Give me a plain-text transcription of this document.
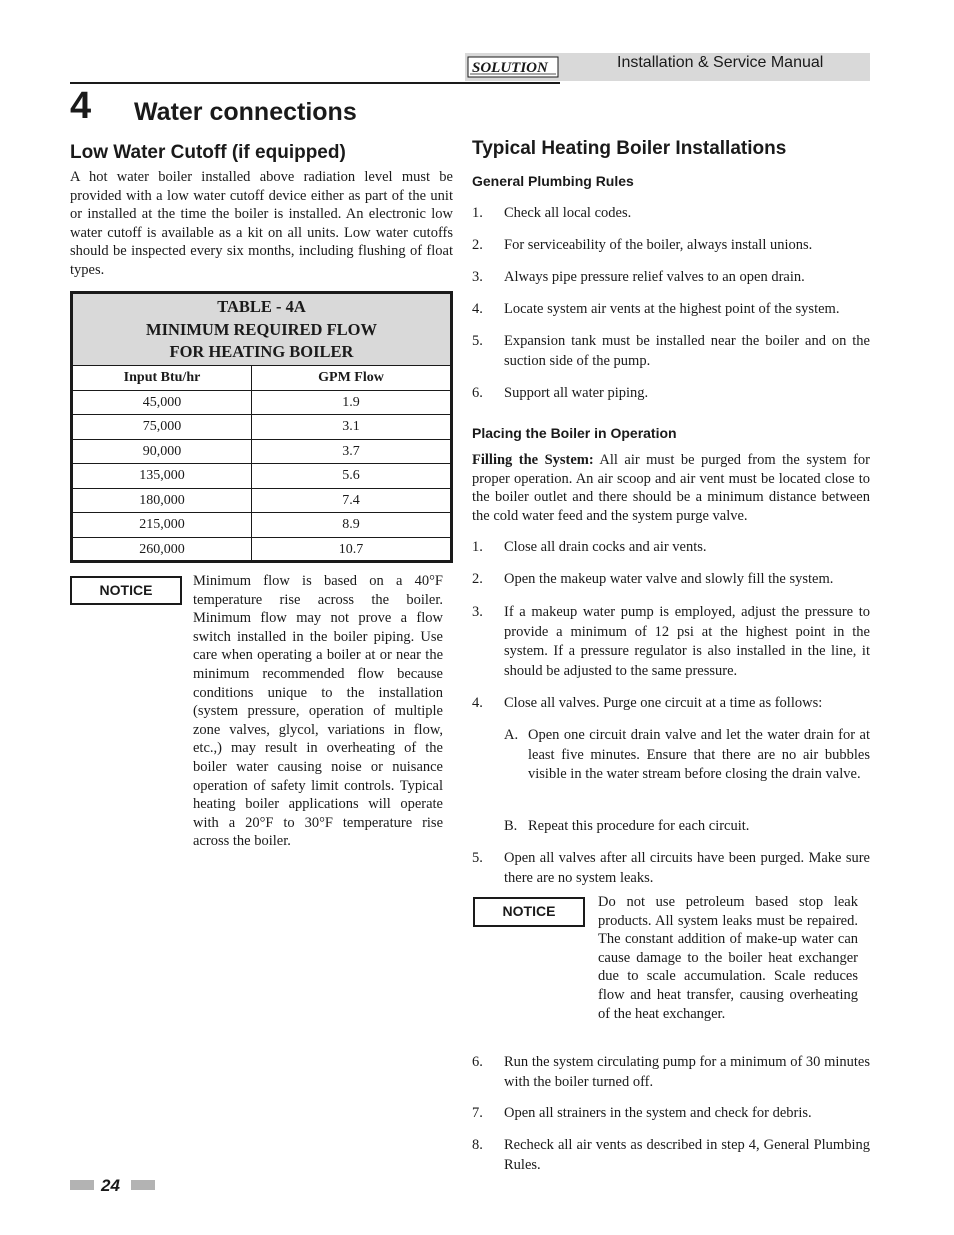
SOLUTION	Installation & Service Manual
4 Water connections
Low Water Cutoff (if equipped)

A hot water boiler installed above radiation level must be provided with a low water cutoff device either as part of the unit or installed at the time the boiler is installed. An electronic low water cutoff is available as a kit on all units. Low water cutoffs should be inspected every six months, including flushing of float types.

TABLE - 4A
MINIMUM REQUIRED FLOW
FOR HEATING BOILER
Input Btu/hr	GPM Flow
45,000	1.9
75,000	3.1
90,000	3.7
135,000	5.6
180,000	7.4
215,000	8.9
260,000	10.7
NOTICE

Minimum flow is based on a 40°F temperature rise across the boiler. Minimum flow may not prove a flow switch installed in the boiler piping. Use care when operating a boiler at or near the minimum recommended flow because conditions unique to the installation (system pressure, operation of multiple zone valves, glycol, variations in flow, etc.,) may result in overheating of the boiler water causing noise or nuisance operation of safety limit controls. Typical heating boiler applications will operate with a 20°F to 30°F temperature rise across the boiler.

Typical Heating Boiler Installations
General Plumbing Rules
1. Check all local codes.

2. For serviceability of the boiler, always install unions.

3. Always pipe pressure relief valves to an open drain.

4. Locate system air vents at the highest point of the system.

5. Expansion tank must be installed near the boiler and on the suction side of the pump.

6. Support all water piping.

Placing the Boiler in Operation

Filling the System: All air must be purged from the system for proper operation. An air scoop and air vent must be located close to the boiler outlet and there should be a minimum distance between the cold water feed and the system purge valve.

1. Close all drain cocks and air vents.

2. Open the makeup water valve and slowly fill the system.

3. If a makeup water pump is employed, adjust the pressure to provide a minimum of 12 psi at the highest point in the system. If a pressure regulator is also installed in the line, it should be adjusted to the same pressure.

4. Close all valves. Purge one circuit at a time as follows:

A. Open one circuit drain valve and let the water drain for at least five minutes. Ensure that there are no air bubbles visible in the water stream before closing the drain valve.

B. Repeat this procedure for each circuit.

5. Open all valves after all circuits have been purged. Make sure there are no system leaks.

NOTICE

Do not use petroleum based stop leak products. All system leaks must be repaired. The constant addition of make-up water can cause damage to the boiler heat exchanger due to scale accumulation. Scale reduces flow and heat transfer, causing overheating of the heat exchanger.

6. Run the system circulating pump for a minimum of 30 minutes with the boiler turned off.

7. Open all strainers in the system and check for debris.

8. Recheck all air vents as described in step 4, General Plumbing Rules.

24
